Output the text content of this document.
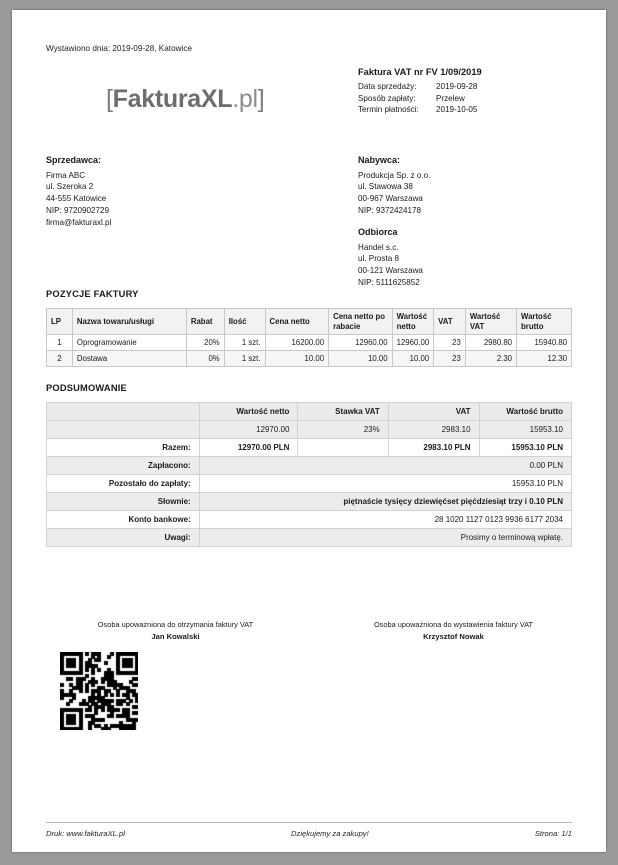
Wystawiono dnia: 2019-09-28, Katowice
[FakturaXL.pl]
Faktura VAT nr FV 1/09/2019
Data sprzedaży:	2019-09-28
Sposób zapłaty:	Przelew
Termin płatności:	2019-10-05
Sprzedawca:
Firma ABC
ul. Szeroka 2
44-555 Katowice
NIP: 9720902729
firma@fakturaxl.pl
Nabywca:
Produkcja Sp. z o.o.
ul. Stawowa 38
00-967 Warszawa
NIP: 9372424178
Odbiorca
Handel s.c.
ul. Prosta 8
00-121 Warszawa
NIP: 5111625852
POZYCJE FAKTURY
LP	Nazwa towaru/usługi	Rabat	Ilość	Cena netto	Cena netto po rabacie	Wartość netto	VAT	Wartość VAT	Wartość brutto
1	Oprogramowanie	20%	1 szt.	16200.00	12960.00	12960.00	23	2980.80	15940.80
2	Dostawa	0%	1 szt.	10.00	10.00	10.00	23	2.30	12.30
PODSUMOWANIE
	Wartość netto	Stawka VAT	VAT	Wartość brutto
	12970.00	23%	2983.10	15953.10
Razem:	12970.00 PLN		2983.10 PLN	15953.10 PLN
Zapłacono:	0.00 PLN			
Pozostało do zapłaty:	15953.10 PLN			
Słownie:	piętnaście tysięcy dziewięćset pięćdziesiąt trzy i 0.10 PLN			
Konto bankowe:	28 1020 1127 0123 9936 6177 2034			
Uwagi:	Prosimy o terminową wpłatę.			
Osoba upoważniona do otrzymania faktury VAT
Jan Kowalski
Osoba upoważniona do wystawienia faktury VAT
Krzysztof Nowak
Druk: www.fakturaXL.pl	Dziękujemy za zakupy!	Strona: 1/1
